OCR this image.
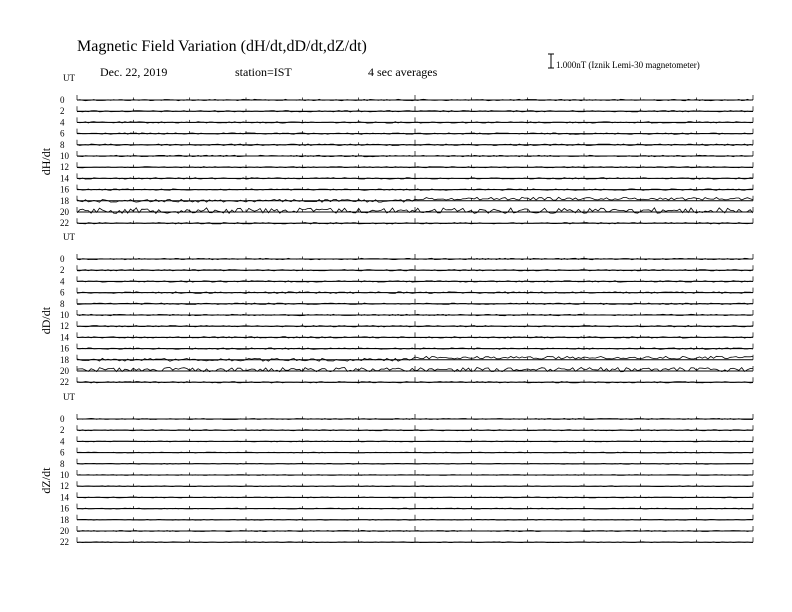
Magnetic Field Variation (dH/dt,dD/dt,dZ/dt)
Dec. 22, 2019	station=IST	4 sec averages	1.000nT (Iznik Lemi-30 magnetometer)
UT
dH/dt
0
2
4
6
8
10
12
14
16
18
20
22
UT
dD/dt
0
2
4
6
8
10
12
14
16
18
20
22
UT
dZ/dt
0
2
4
6
8
10
12
14
16
18
20
22
